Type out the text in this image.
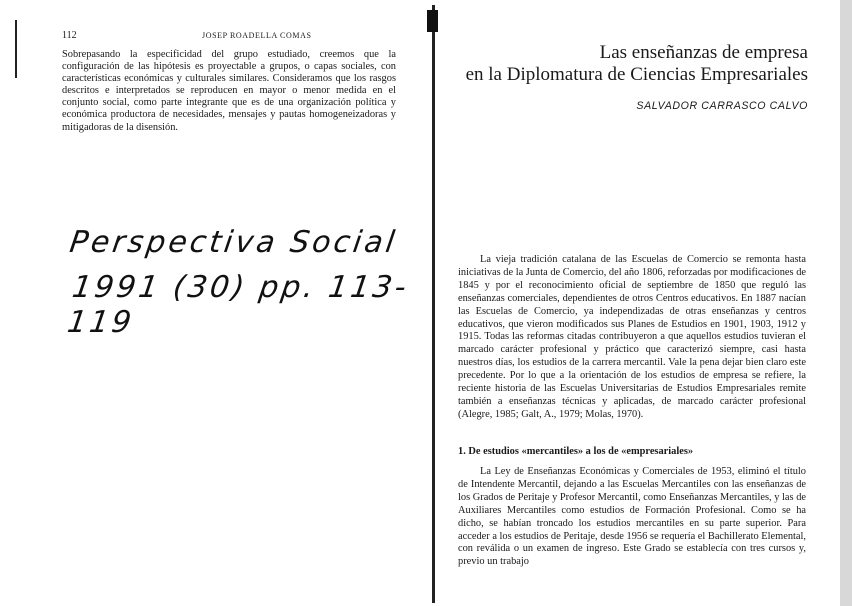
112	JOSEP ROADELLA COMAS

Sobrepasando la especificidad del grupo estudiado, creemos que la configuración de las hipótesis es proyectable a grupos, o capas sociales, con características económicas y culturales similares. Consideramos que los rasgos descritos e interpretados se reproducen en mayor o menor medida en el conjunto social, como parte integrante que es de una organización política y económica productora de necesidades, mensajes y pautas homogeneizadoras y mitigadoras de la disensión.

Perspectiva Social
1991 (30) pp. 113-119
Las enseñanzas de empresa
en la Diplomatura de Ciencias Empresariales
SALVADOR CARRASCO CALVO

La vieja tradición catalana de las Escuelas de Comercio se remonta hasta iniciativas de la Junta de Comercio, del año 1806, reforzadas por modificaciones de 1845 y por el reconocimiento oficial de septiembre de 1850 que reguló las enseñanzas comerciales, dependientes de otros Centros educativos. En 1887 nacían las Escuelas de Comercio, ya independizadas de otras enseñanzas y centros educativos, que vieron modificados sus Planes de Estudios en 1901, 1903, 1912 y 1915. Todas las reformas citadas contribuyeron a que aquellos estudios tuvieran el marcado carácter profesional y práctico que caracterizó siempre, casi hasta nuestros días, los estudios de la carrera mercantil. Vale la pena dejar bien claro este precedente. Por lo que a la orientación de los estudios de empresa se refiere, la reciente historia de las Escuelas Universitarias de Estudios Empresariales remite también a enseñanzas técnicas y aplicadas, de marcado carácter profesional (Alegre, 1985; Galt, A., 1979; Molas, 1970).

1. De estudios «mercantiles» a los de «empresariales»

La Ley de Enseñanzas Económicas y Comerciales de 1953, eliminó el título de Intendente Mercantil, dejando a las Escuelas Mercantiles con las enseñanzas de los Grados de Peritaje y Profesor Mercantil, como Enseñanzas Mercantiles, y las de Auxiliares Mercantiles como estudios de Formación Profesional. Como se ha dicho, se habían troncado los estudios mercantiles en su parte superior. Para acceder a los estudios de Peritaje, desde 1956 se requería el Bachillerato Elemental, con reválida o un examen de ingreso. Este Grado se establecía con tres cursos y, previo un trabajo
